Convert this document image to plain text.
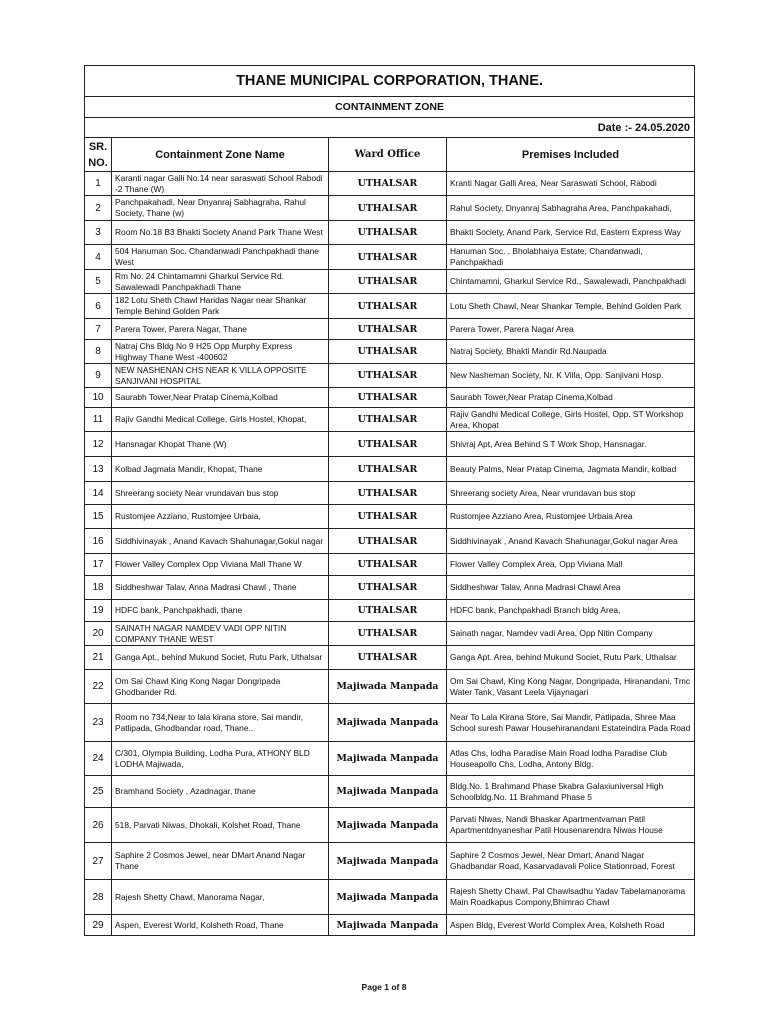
THANE MUNICIPAL CORPORATION, THANE.			
CONTAINMENT ZONE			
Date :- 24.05.2020			
SR. NO.	Containment Zone Name	Ward Office	Premises Included
1	Karanti nagar Galli No.14 near saraswati School Rabodi -2 Thane (W)	UTHALSAR	Kranti Nagar Galli Area, Near Saraswati School, Rabodi
2	Panchpakahadi, Near Dnyanraj Sabhagraha, Rahul Society, Thane (w)	UTHALSAR	Rahul Society, Dnyanraj Sabhagraha Area, Panchpakahadi,
3	Room No.18 B3 Bhakti Society Anand Park Thane West	UTHALSAR	Bhakti Society, Anand Park, Service Rd, Eastern Express Way
4	504 Hanuman Soc. Chandanwadi Panchpakhadi thane West	UTHALSAR	Hanuman Soc. , Bholabhaiya Estate, Chandanwadi, Panchpakhadi
5	Rm No. 24 Chintamamni Gharkul Service Rd. Sawalewadi Panchpakhadi Thane	UTHALSAR	Chintamamni, Gharkul Service Rd., Sawalewadi, Panchpakhadi
6	182 Lotu Sheth Chawl Haridas Nagar near Shankar Temple Behind Golden Park	UTHALSAR	Lotu Sheth Chawl, Near Shankar Temple, Behind Golden Park
7	Parera Tower, Parera Nagar, Thane	UTHALSAR	Parera Tower, Parera Nagar Area
8	Natraj Chs Bldg No 9 H25 Opp Murphy Express Highway Thane West -400602	UTHALSAR	Natraj Society, Bhakti Mandir Rd.Naupada
9	NEW NASHENAN CHS NEAR K VILLA OPPOSITE SANJIVANI HOSPITAL	UTHALSAR	New Nasheman Society, Nr. K Villa, Opp. Sanjivani Hosp.
10	Saurabh Tower,Near Pratap Cinema,Kolbad	UTHALSAR	Saurabh Tower,Near Pratap Cinema,Kolbad
11	Rajiv Gandhi Medical College, Girls Hostel, Khopat,	UTHALSAR	Rajiv Gandhi Medical College, Girls Hostel, Opp. ST Workshop Area, Khopat
12	Hansnagar Khopat Thane (W)	UTHALSAR	Shivraj Apt, Area Behind S T Work Shop, Hansnagar.
13	Kolbad Jagmata Mandir, Khopat, Thane	UTHALSAR	Beauty Palms, Near Pratap Cinema, Jagmata Mandir, kolbad
14	Shreerang society Near vrundavan bus stop	UTHALSAR	Shreerang society Area, Near vrundavan bus stop
15	Rustomjee Azziano, Rustomjee Urbaia,	UTHALSAR	Rustomjee Azziano Area, Rustomjee Urbaia Area
16	Siddhivinayak , Anand Kavach Shahunagar,Gokul nagar	UTHALSAR	Siddhivinayak , Anand Kavach Shahunagar,Gokul nagar Area
17	Flower Valley Complex Opp Viviana Mall Thane W	UTHALSAR	Flower Valley Complex Area, Opp Viviana Mall
18	Siddheshwar Talav, Anna Madrasi Chawl , Thane	UTHALSAR	Siddheshwar Talav, Anna Madrasi Chawl Area
19	HDFC bank, Panchpakhadi, thane	UTHALSAR	HDFC bank, Panchpakhadi Branch bldg Area,
20	SAINATH NAGAR NAMDEV VADI OPP NITIN COMPANY THANE WEST	UTHALSAR	Sainath nagar, Namdev vadi Area, Opp Nitin Company
21	Ganga Apt., behind Mukund Societ, Rutu Park, Uthalsar	UTHALSAR	Ganga Apt. Area, behind Mukund Societ, Rutu Park, Uthalsar
22	Om Sai Chawl King Kong Nagar Dongripada Ghodbander Rd.	Majiwada Manpada	Om Sai Chawl, King Kong Nagar, Dongripada, Hiranandani, Tmc Water Tank, Vasant Leela Vijaynagari
23	Room no 734,Near to lala kirana store, Sai mandir, Patlipada, Ghodbandar road, Thane..	Majiwada Manpada	Near To Lala Kirana Store, Sai Mandir, Patlipada, Shree Maa School suresh Pawar Househiranandani Estateindira Pada Road
24	C/301, Olympia Building, Lodha Pura, ATHONY BLD LODHA Majiwada,	Majiwada Manpada	Atlas Chs, lodha Paradise Main Road lodha Paradise Club Houseapollo Chs, Lodha, Antony Bldg.
25	Bramhand Society , Azadnagar, thane	Majiwada Manpada	Bldg.No. 1 Brahmand Phase 5kabra Galaxiuniversal High Schoolbldg.No. 11 Brahmand Phase 5
26	518, Parvati Niwas, Dhokali, Kolshet Road, Thane	Majiwada Manpada	Parvati Niwas, Nandi Bhaskar Apartmentvaman Patil Apartmentdnyaneshar Patil Housenarendra Niwas House
27	Saphire 2 Cosmos Jewel, near DMart Anand Nagar Thane	Majiwada Manpada	Saphire 2 Cosmos Jewel, Near Dmart, Anand Nagar Ghadbandar Road, Kasarvadavali Police Stationroad, Forest
28	Rajesh Shetty Chawl, Manorama Nagar,	Majiwada Manpada	Rajesh Shetty Chawl, Pal Chawlsadhu Yadav Tabelamanorama Main Roadkapus Compony,Bhimrao Chawl
29	Aspen, Everest World, Kolsheth Road, Thane	Majiwada Manpada	Aspen Bldg, Everest World Complex Area, Kolsheth Road
Page 1 of 8
